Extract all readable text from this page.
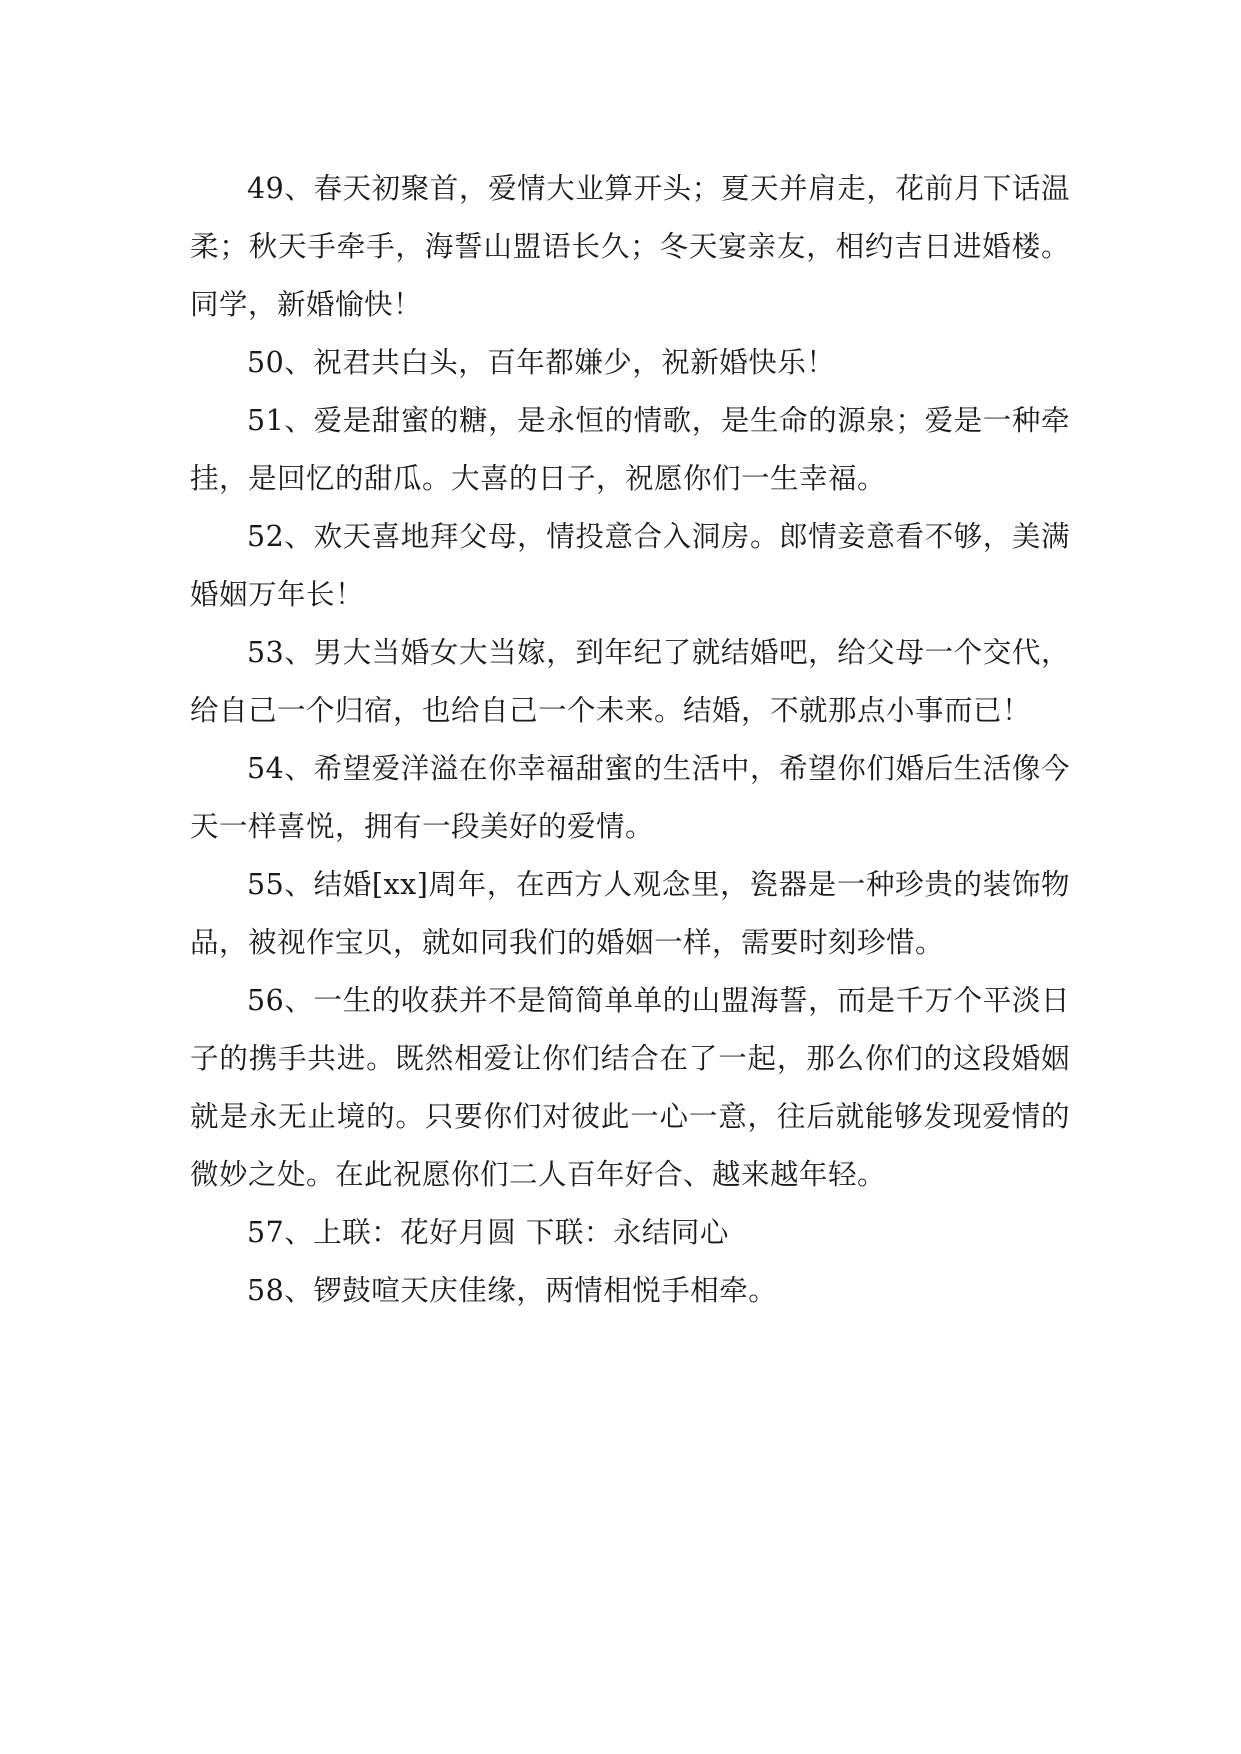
49、春天初聚首，爱情大业算开头；夏天并肩走，花前月下话温柔；秋天手牵手，海誓山盟语长久；冬天宴亲友，相约吉日进婚楼。同学，新婚愉快！

50、祝君共白头，百年都嫌少，祝新婚快乐！

51、爱是甜蜜的糖，是永恒的情歌，是生命的源泉；爱是一种牵挂，是回忆的甜瓜。大喜的日子，祝愿你们一生幸福。

52、欢天喜地拜父母，情投意合入洞房。郎情妾意看不够，美满婚姻万年长！

53、男大当婚女大当嫁，到年纪了就结婚吧，给父母一个交代，给自己一个归宿，也给自己一个未来。结婚，不就那点小事而已！

54、希望爱洋溢在你幸福甜蜜的生活中，希望你们婚后生活像今天一样喜悦，拥有一段美好的爱情。

55、结婚[xx]周年，在西方人观念里，瓷器是一种珍贵的装饰物品，被视作宝贝，就如同我们的婚姻一样，需要时刻珍惜。

56、一生的收获并不是简简单单的山盟海誓，而是千万个平淡日子的携手共进。既然相爱让你们结合在了一起，那么你们的这段婚姻就是永无止境的。只要你们对彼此一心一意，往后就能够发现爱情的微妙之处。在此祝愿你们二人百年好合、越来越年轻。

57、上联：花好月圆 下联：永结同心

58、锣鼓喧天庆佳缘，两情相悦手相牵。
